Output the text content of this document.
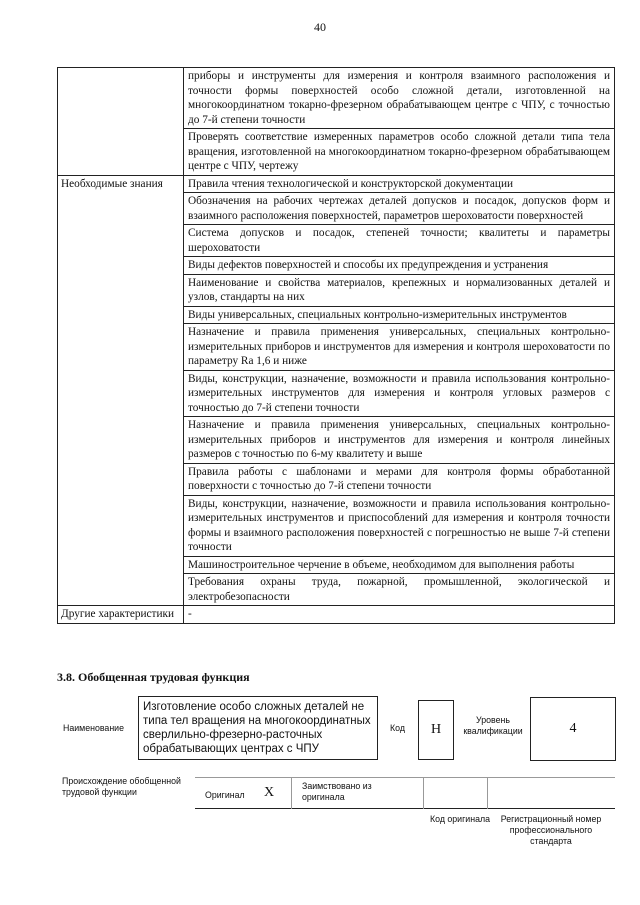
40
	приборы и инструменты для измерения и контроля взаимного расположения и точности формы поверхностей особо сложной детали, изготовленной на многокоординатном токарно-фрезерном обрабатывающем центре с ЧПУ, с точностью до 7-й степени точности
	Проверять соответствие измеренных параметров особо сложной детали типа тела вращения, изготовленной на многокоординатном токарно-фрезерном обрабатывающем центре с ЧПУ, чертежу
Необходимые знания	Правила чтения технологической и конструкторской документации
	Обозначения на рабочих чертежах деталей допусков и посадок, допусков форм и взаимного расположения поверхностей, параметров шероховатости поверхностей
	Система допусков и посадок, степеней точности; квалитеты и параметры шероховатости
	Виды дефектов поверхностей и способы их предупреждения и устранения
	Наименование и свойства материалов, крепежных и нормализованных деталей и узлов, стандарты на них
	Виды универсальных, специальных контрольно-измерительных инструментов
	Назначение и правила применения универсальных, специальных контрольно-измерительных приборов и инструментов для измерения и контроля шероховатости по параметру Ra 1,6 и ниже
	Виды, конструкции, назначение, возможности и правила использования контрольно-измерительных инструментов для измерения и контроля угловых размеров с точностью до 7-й степени точности
	Назначение и правила применения универсальных, специальных контрольно-измерительных приборов и инструментов для измерения и контроля линейных размеров с точностью по 6-му квалитету и выше
	Правила работы с шаблонами и мерами для контроля формы обработанной поверхности с точностью до 7-й степени точности
	Виды, конструкции, назначение, возможности и правила использования контрольно-измерительных инструментов и приспособлений для измерения и контроля точности формы и взаимного расположения поверхностей с погрешностью не выше 7-й степени точности
	Машиностроительное черчение в объеме, необходимом для выполнения работы
	Требования охраны труда, пожарной, промышленной, экологической и электробезопасности
Другие характеристики	-
3.8. Обобщенная трудовая функция
Наименование
Изготовление особо сложных деталей не типа тел вращения на многокоординатных сверлильно-фрезерно-расточных обрабатывающих центрах с ЧПУ
Код H
Уровень квалификации	4
Происхождение обобщенной трудовой функции	Оригинал X	Заимствовано из оригинала
Код оригинала	Регистрационный номер профессионального стандарта
